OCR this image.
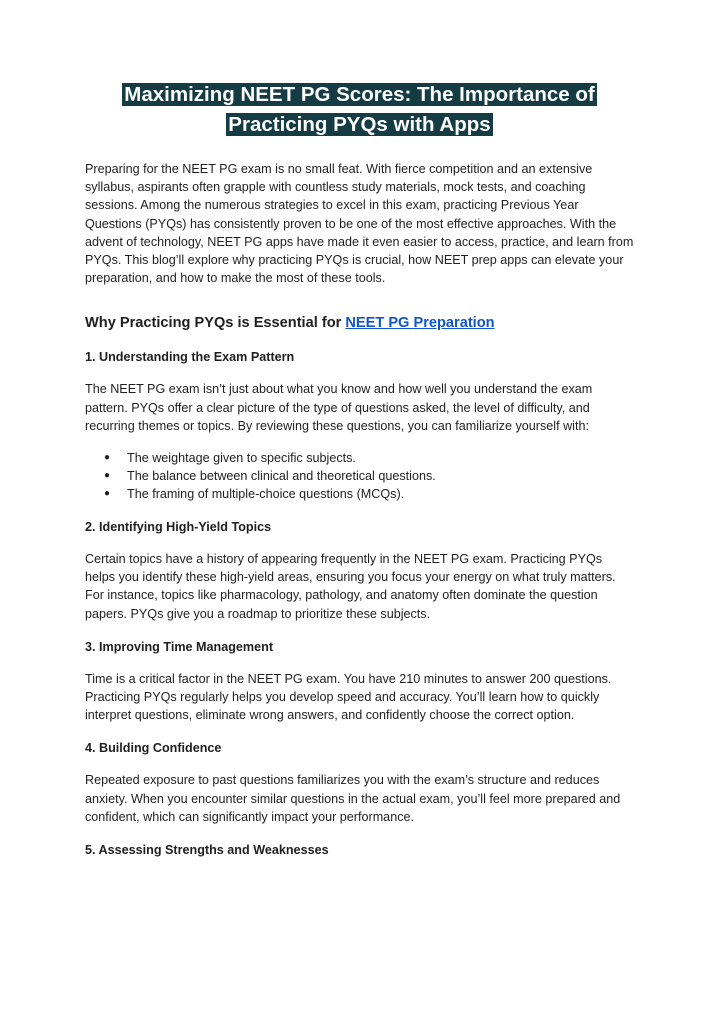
Maximizing NEET PG Scores: The Importance of
Practicing PYQs with Apps

Preparing for the NEET PG exam is no small feat. With fierce competition and an extensive syllabus, aspirants often grapple with countless study materials, mock tests, and coaching sessions. Among the numerous strategies to excel in this exam, practicing Previous Year Questions (PYQs) has consistently proven to be one of the most effective approaches. With the advent of technology, NEET PG apps have made it even easier to access, practice, and learn from PYQs. This blog’ll explore why practicing PYQs is crucial, how NEET prep apps can elevate your preparation, and how to make the most of these tools.

Why Practicing PYQs is Essential for NEET PG Preparation
1. Understanding the Exam Pattern

The NEET PG exam isn’t just about what you know and how well you understand the exam pattern. PYQs offer a clear picture of the type of questions asked, the level of difficulty, and recurring themes or topics. By reviewing these questions, you can familiarize yourself with:

● The weightage given to specific subjects.
● The balance between clinical and theoretical questions.
● The framing of multiple-choice questions (MCQs).
2. Identifying High-Yield Topics

Certain topics have a history of appearing frequently in the NEET PG exam. Practicing PYQs helps you identify these high-yield areas, ensuring you focus your energy on what truly matters. For instance, topics like pharmacology, pathology, and anatomy often dominate the question papers. PYQs give you a roadmap to prioritize these subjects.

3. Improving Time Management

Time is a critical factor in the NEET PG exam. You have 210 minutes to answer 200 questions. Practicing PYQs regularly helps you develop speed and accuracy. You’ll learn how to quickly interpret questions, eliminate wrong answers, and confidently choose the correct option.

4. Building Confidence

Repeated exposure to past questions familiarizes you with the exam’s structure and reduces anxiety. When you encounter similar questions in the actual exam, you’ll feel more prepared and confident, which can significantly impact your performance.

5. Assessing Strengths and Weaknesses
